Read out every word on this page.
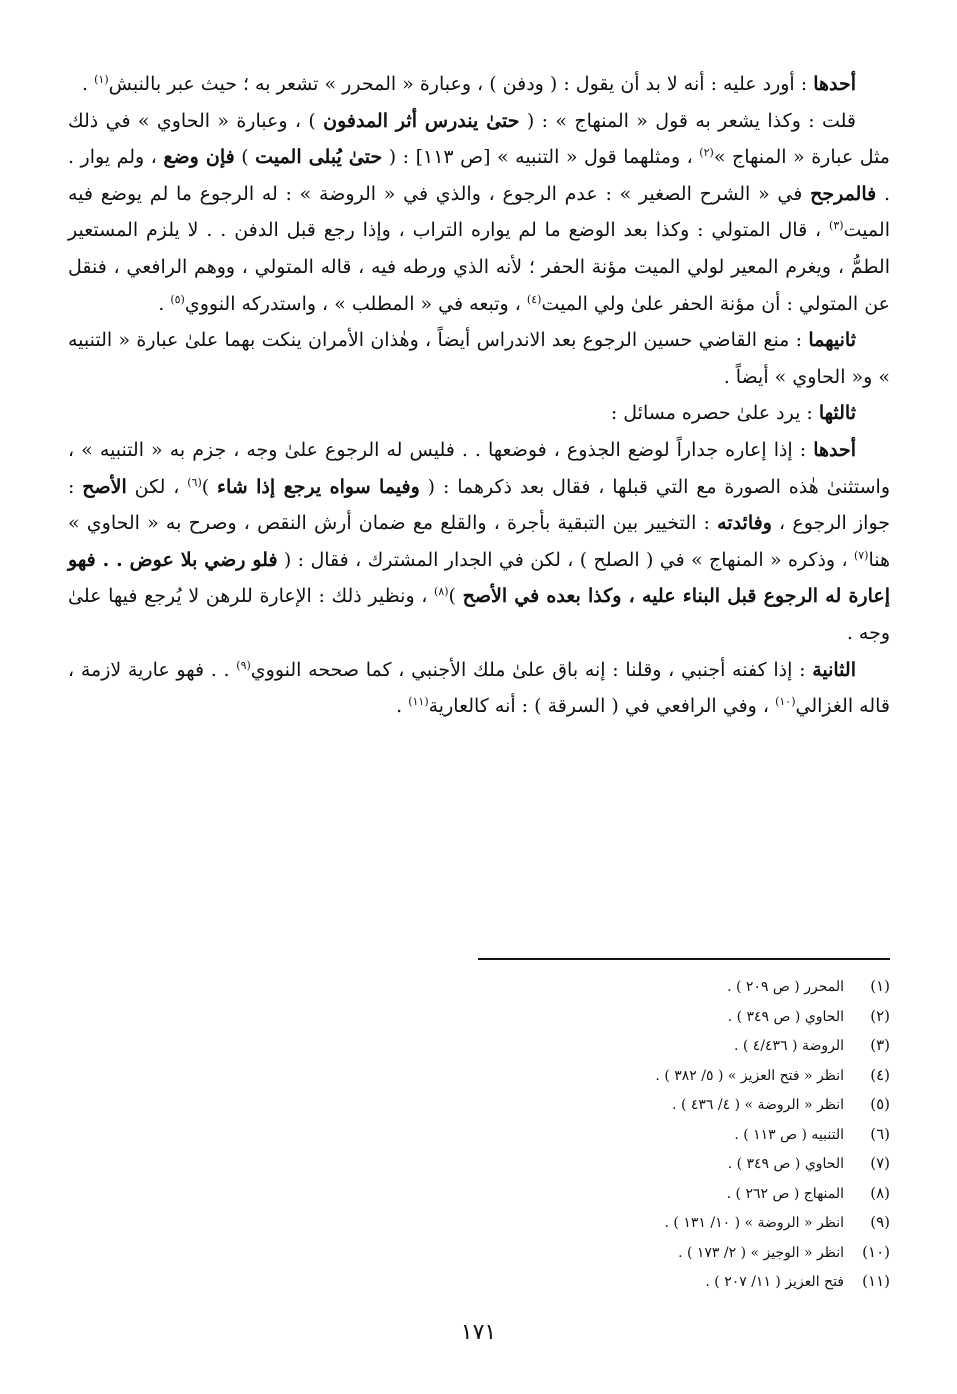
أحدها : أورد عليه : أنه لا بد أن يقول : ( ودفن ) ، وعبارة « المحرر » تشعر به ؛ حيث عبر بالنبش$^{(١)}$ .

قلت : وكذا يشعر به قول « المنهاج » : ( حتىٰ يندرس أثر المدفون ) ، وعبارة « الحاوي » في ذلك مثل عبارة « المنهاج »$^{(٢)}$ ، ومثلهما قول « التنبيه » [ص ١١٣] : ( حتىٰ يُبلى الميت ) فإن وضع ، ولم يوار . . فالمرجح في « الشرح الصغير » : عدم الرجوع ، والذي في « الروضة » : له الرجوع ما لم يوضع فيه الميت$^{(٣)}$ ، قال المتولي : وكذا بعد الوضع ما لم يواره التراب ، وإذا رجع قبل الدفن . . لا يلزم المستعير الطمُّ ، ويغرم المعير لولي الميت مؤنة الحفر ؛ لأنه الذي ورطه فيه ، قاله المتولي ، ووهم الرافعي ، فنقل عن المتولي : أن مؤنة الحفر علىٰ ولي الميت$^{(٤)}$ ، وتبعه في « المطلب » ، واستدركه النووي$^{(٥)}$ .

ثانيهما : منع القاضي حسين الرجوع بعد الاندراس أيضاً ، وهٰذان الأمران ينكت بهما علىٰ عبارة « التنبيه » و« الحاوي » أيضاً .

ثالثها : يرد علىٰ حصره مسائل :

أحدها : إذا إعاره جداراً لوضع الجذوع ، فوضعها . . فليس له الرجوع علىٰ وجه ، جزم به « التنبيه » ، واستثنىٰ هٰذه الصورة مع التي قبلها ، فقال بعد ذكرهما : ( وفيما سواه يرجع إذا شاء )$^{(٦)}$ ، لكن الأصح : جواز الرجوع ، وفائدته : التخيير بين التبقية بأجرة ، والقلع مع ضمان أرش النقص ، وصرح به « الحاوي » هنا$^{(٧)}$ ، وذكره « المنهاج » في ( الصلح ) ، لكن في الجدار المشترك ، فقال : ( فلو رضي بلا عوض . . فهو إعارة له الرجوع قبل البناء عليه ، وكذا بعده في الأصح )$^{(٨)}$ ، ونظير ذلك : الإعارة للرهن لا يُرجع فيها علىٰ وجه .

الثانية : إذا كفنه أجنبي ، وقلنا : إنه باق علىٰ ملك الأجنبي ، كما صححه النووي$^{(٩)}$ . . فهو عارية لازمة ، قاله الغزالي$^{(١٠)}$ ، وفي الرافعي في ( السرقة ) : أنه كالعارية$^{(١١)}$ .

(١)المحرر ( ص ٢٠٩ ) .
(٢)الحاوي ( ص ٣٤٩ ) .
(٣)الروضة ( ٤/٤٣٦ ) .
(٤)انظر « فتح العزيز » ( ٥/ ٣٨٢ ) .
(٥)انظر « الروضة » ( ٤/ ٤٣٦ ) .
(٦)التنبيه ( ص ١١٣ ) .
(٧)الحاوي ( ص ٣٤٩ ) .
(٨)المنهاج ( ص ٢٦٢ ) .
(٩)انظر « الروضة » ( ١٠/ ١٣١ ) .
(١٠)انظر « الوجيز » ( ٢/ ١٧٣ ) .
(١١)فتح العزيز ( ١١/ ٢٠٧ ) .
١٧١
